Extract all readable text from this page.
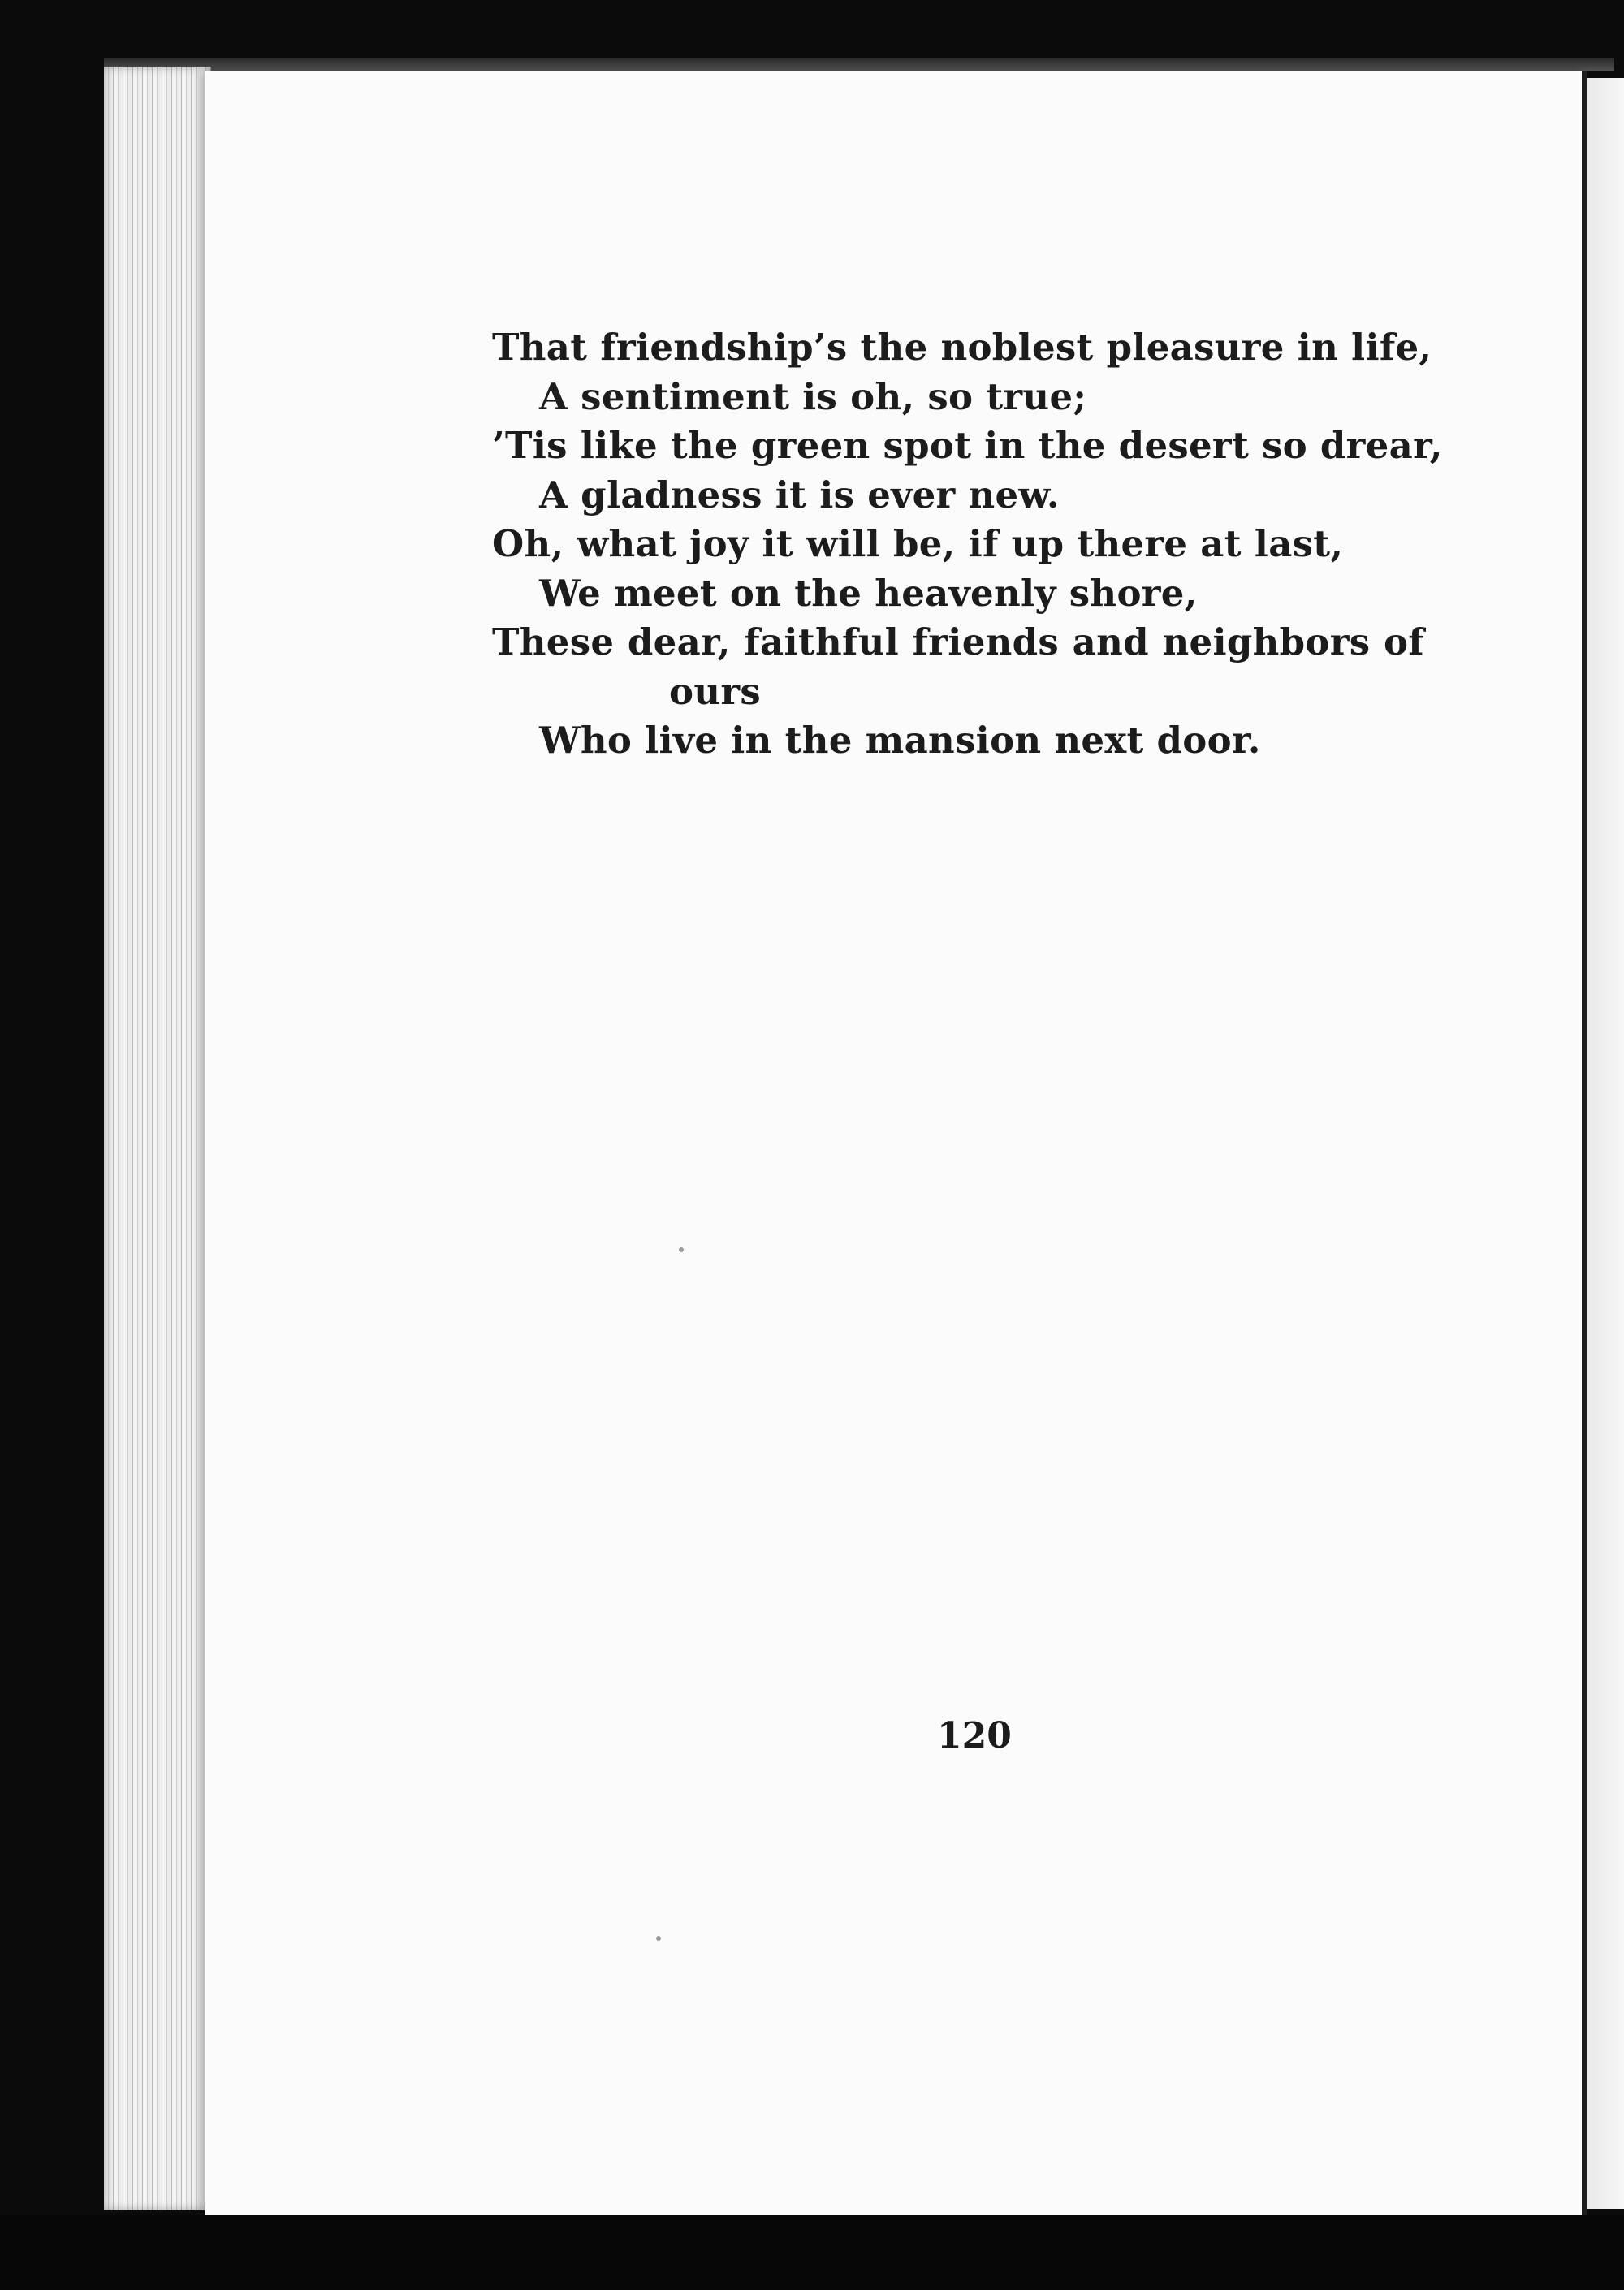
That friendship’s the noblest pleasure in life,
A sentiment is oh, so true;
’Tis like the green spot in the desert so drear,
A gladness it is ever new.
Oh, what joy it will be, if up there at last,
We meet on the heavenly shore,
These dear, faithful friends and neighbors of
ours
Who live in the mansion next door.
120
